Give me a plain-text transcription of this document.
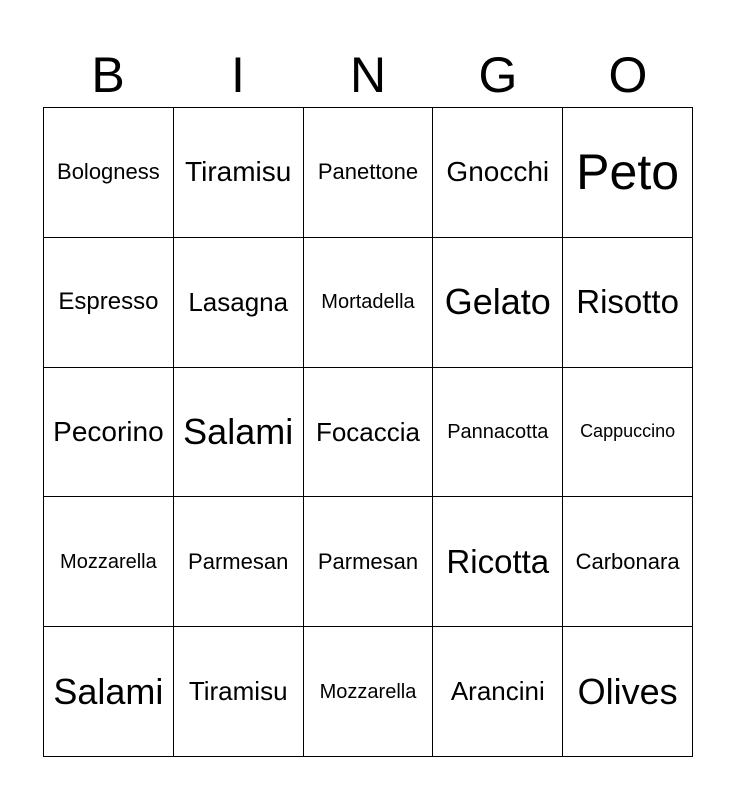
B	I	N	G	O
Bologness	Tiramisu	Panettone	Gnocchi	Peto
Espresso	Lasagna	Mortadella	Gelato	Risotto
Pecorino	Salami	Focaccia	Pannacotta	Cappuccino
Mozzarella	Parmesan	Parmesan	Ricotta	Carbonara
Salami	Tiramisu	Mozzarella	Arancini	Olives
